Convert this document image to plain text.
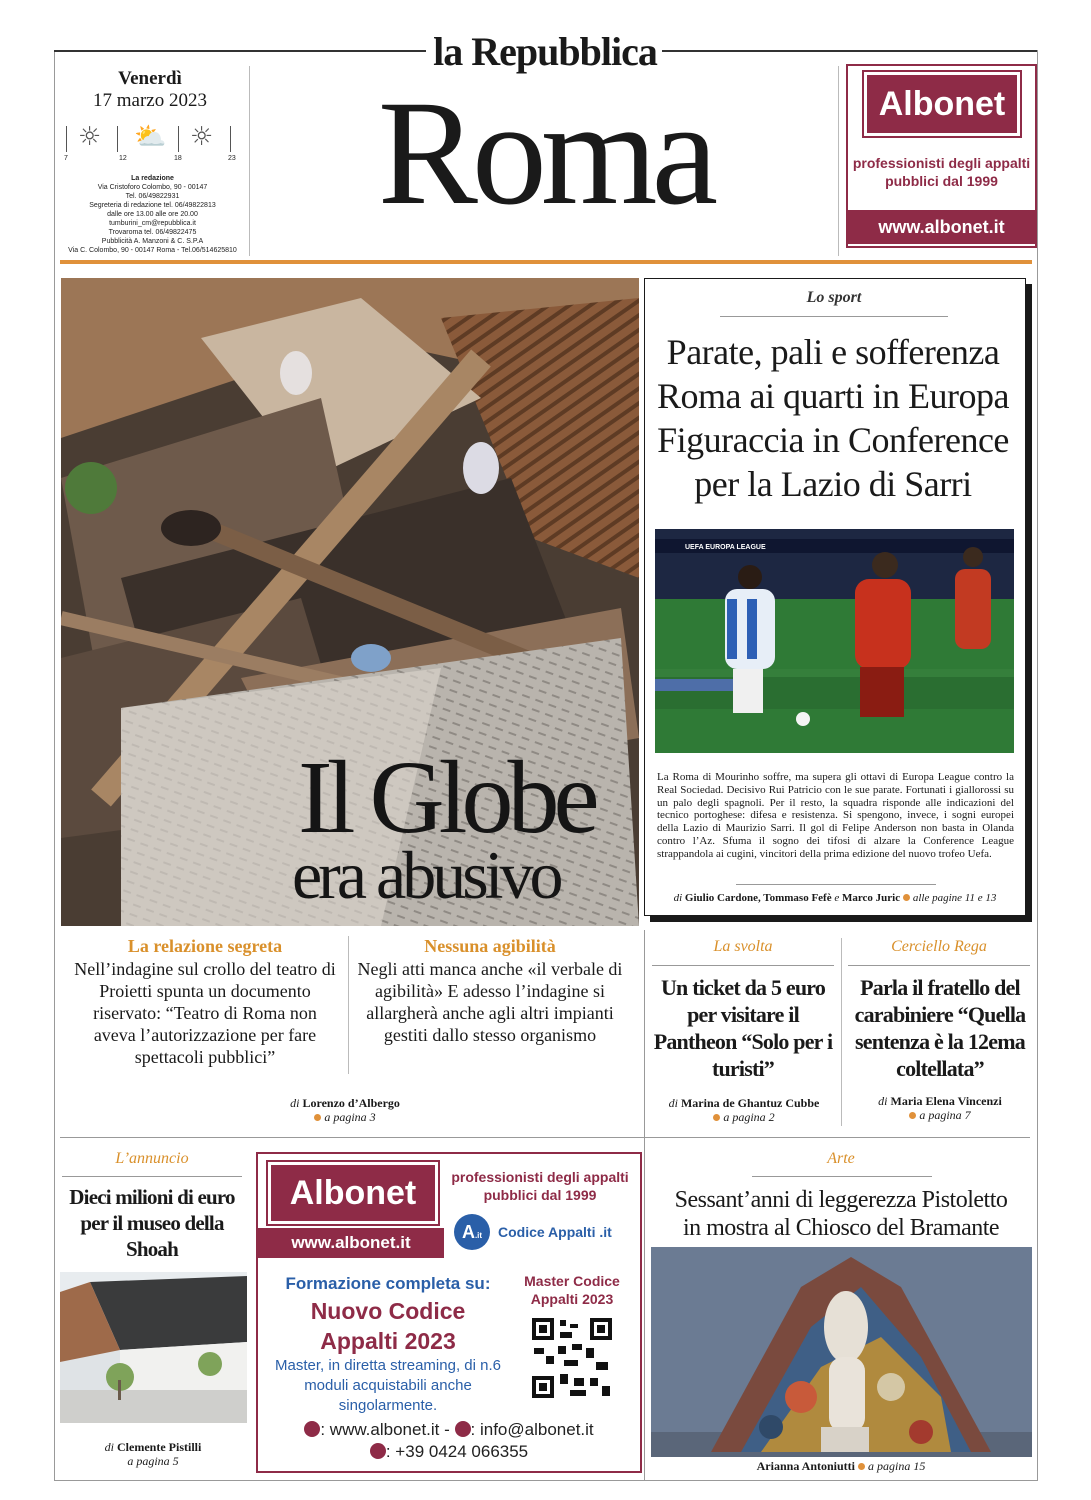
la Repubblica
Roma
Venerdì
17 marzo 2023
☼ ⛅ ☼
7	12	18	23
La redazione
Via Cristoforo Colombo, 90 - 00147
Tel. 06/49822931
Segreteria di redazione tel. 06/49822813
dalle ore 13.00 alle ore 20.00
tumburini_cm@repubblica.it
Trovaroma tel. 06/49822475
Pubblicità A. Manzoni & C. S.P.A
Via C. Colombo, 90 - 00147 Roma - Tel.06/514625810
Albonet
professionisti degli appalti pubblici dal 1999
www.albonet.it
Il Globe
era abusivo
La relazione segreta
Nell’indagine sul crollo del teatro di Proietti spunta un documento riservato: “Teatro di Roma non aveva l’autorizzazione per fare spettacoli pubblici”
Nessuna agibilità
Negli atti manca anche «il verbale di agibilità» E adesso l’indagine si allargherà anche agli altri impianti gestiti dallo stesso organismo
di Lorenzo d’Albergo
a pagina 3
Lo sport
Parate, pali e sofferenza
Roma ai quarti in Europa
Figuraccia in Conference
per la Lazio di Sarri
UEFA EUROPA LEAGUE
La Roma di Mourinho soffre, ma supera gli ottavi di Europa League contro la Real Sociedad. Decisivo Rui Patricio con le sue parate. Fortunati i giallorossi su un palo degli spagnoli. Per il resto, la squadra risponde alle indicazioni del tecnico portoghese: difesa e resistenza. Si spengono, invece, i sogni europei della Lazio di Maurizio Sarri. Il gol di Felipe Anderson non basta in Olanda contro l’Az. Sfuma il sogno dei tifosi di alzare la Conference League strappandola ai cugini, vincitori della prima edizione del nuovo trofeo Uefa.
di Giulio Cardone, Tommaso Fefè e Marco Juric alle pagine 11 e 13
La svolta
Un ticket da 5 euro per visitare il Pantheon “Solo per i turisti”
di Marina de Ghantuz Cubbe
a pagina 2
Cerciello Rega
Parla il fratello del carabiniere “Quella sentenza è la 12ema coltellata”
di Maria Elena Vincenzi
a pagina 7
L’annuncio
Dieci milioni di euro per il museo della Shoah
di Clemente Pistilli
a pagina 5
Albonet
www.albonet.it
professionisti degli appalti pubblici dal 1999
A.it	Codice Appalti .it
Formazione completa su:
Nuovo Codice
Appalti 2023
Master, in diretta streaming, di n.6 moduli acquistabili anche singolarmente.
Master Codice Appalti 2023
: www.albonet.it - : info@albonet.it
: +39 0424 066355
Arte
Sessant’anni di leggerezza Pistoletto
in mostra al Chiosco del Bramante
Arianna Antoniutti a pagina 15
